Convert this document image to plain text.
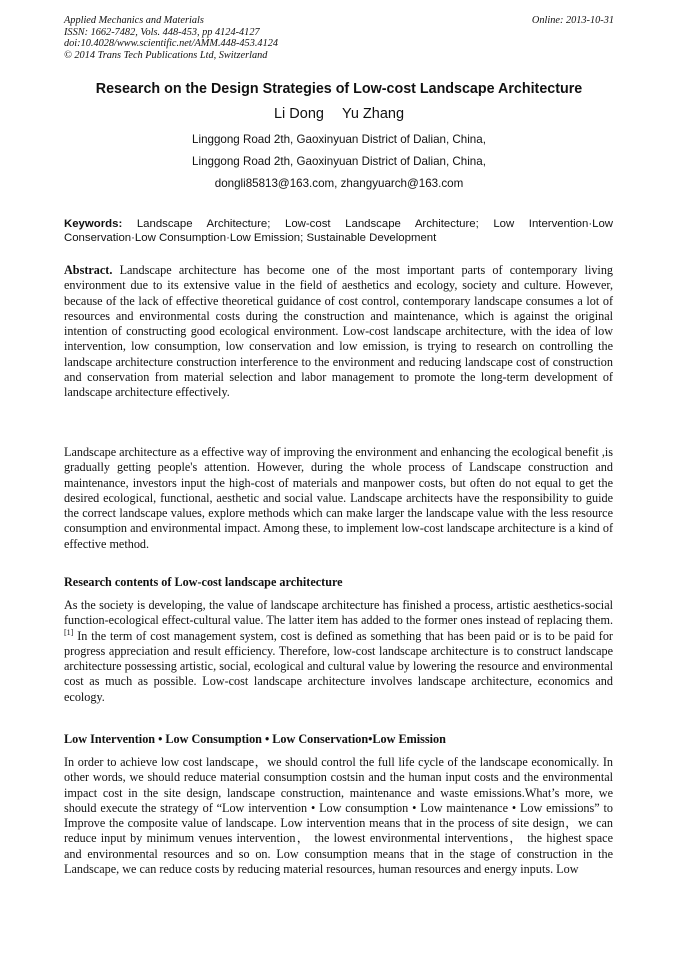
Applied Mechanics and Materials
ISSN: 1662-7482, Vols. 448-453, pp 4124-4127
doi:10.4028/www.scientific.net/AMM.448-453.4124
© 2014 Trans Tech Publications Ltd, Switzerland
Online: 2013-10-31
Research on the Design Strategies of Low-cost Landscape Architecture
Li Dong Yu Zhang
Linggong Road 2th, Gaoxinyuan District of Dalian, China,
Linggong Road 2th, Gaoxinyuan District of Dalian, China,
dongli85813@163.com, zhangyuarch@163.com
Keywords: Landscape Architecture; Low-cost Landscape Architecture; Low Intervention·Low Conservation·Low Consumption·Low Emission; Sustainable Development
Abstract. Landscape architecture has become one of the most important parts of contemporary living environment due to its extensive value in the field of aesthetics and ecology, society and culture. However, because of the lack of effective theoretical guidance of cost control, contemporary landscape consumes a lot of resources and environmental costs during the construction and maintenance, which is against the original intention of constructing good ecological environment. Low-cost landscape architecture, with the idea of low intervention, low consumption, low conservation and low emission, is trying to research on controlling the landscape architecture construction interference to the environment and reducing landscape cost of construction and conservation from material selection and labor management to promote the long-term development of landscape architecture effectively.
Landscape architecture as a effective way of improving the environment and enhancing the ecological benefit ,is gradually getting people's attention. However, during the whole process of Landscape construction and maintenance, investors input the high-cost of materials and manpower costs, but often do not equal to get the desired ecological, functional, aesthetic and social value. Landscape architects have the responsibility to guide the correct landscape values, explore methods which can make larger the landscape value with the less resource consumption and environmental impact. Among these, to implement low-cost landscape architecture is a kind of effective method.
Research contents of Low-cost landscape architecture
As the society is developing, the value of landscape architecture has finished a process, artistic aesthetics-social function-ecological effect-cultural value. The latter item has added to the former ones instead of replacing them. [1] In the term of cost management system, cost is defined as something that has been paid or is to be paid for progress appreciation and result efficiency. Therefore, low-cost landscape architecture is to construct landscape architecture possessing artistic, social, ecological and cultural value by lowering the resource and environmental cost as much as possible. Low-cost landscape architecture involves landscape architecture, economics and ecology.
Low Intervention • Low Consumption • Low Conservation•Low Emission
In order to achieve low cost landscape，we should control the full life cycle of the landscape economically. In other words, we should reduce material consumption costsin and the human input costs and the environmental impact cost in the site design, landscape construction, maintenance and waste emissions.What’s more, we should execute the strategy of “Low intervention • Low consumption • Low maintenance • Low emissions” to Improve the composite value of landscape. Low intervention means that in the process of site design，we can reduce input by minimum venues intervention， the lowest environmental interventions， the highest space and environmental resources and so on. Low consumption means that in the stage of construction in the Landscape, we can reduce costs by reducing material resources, human resources and energy inputs. Low
